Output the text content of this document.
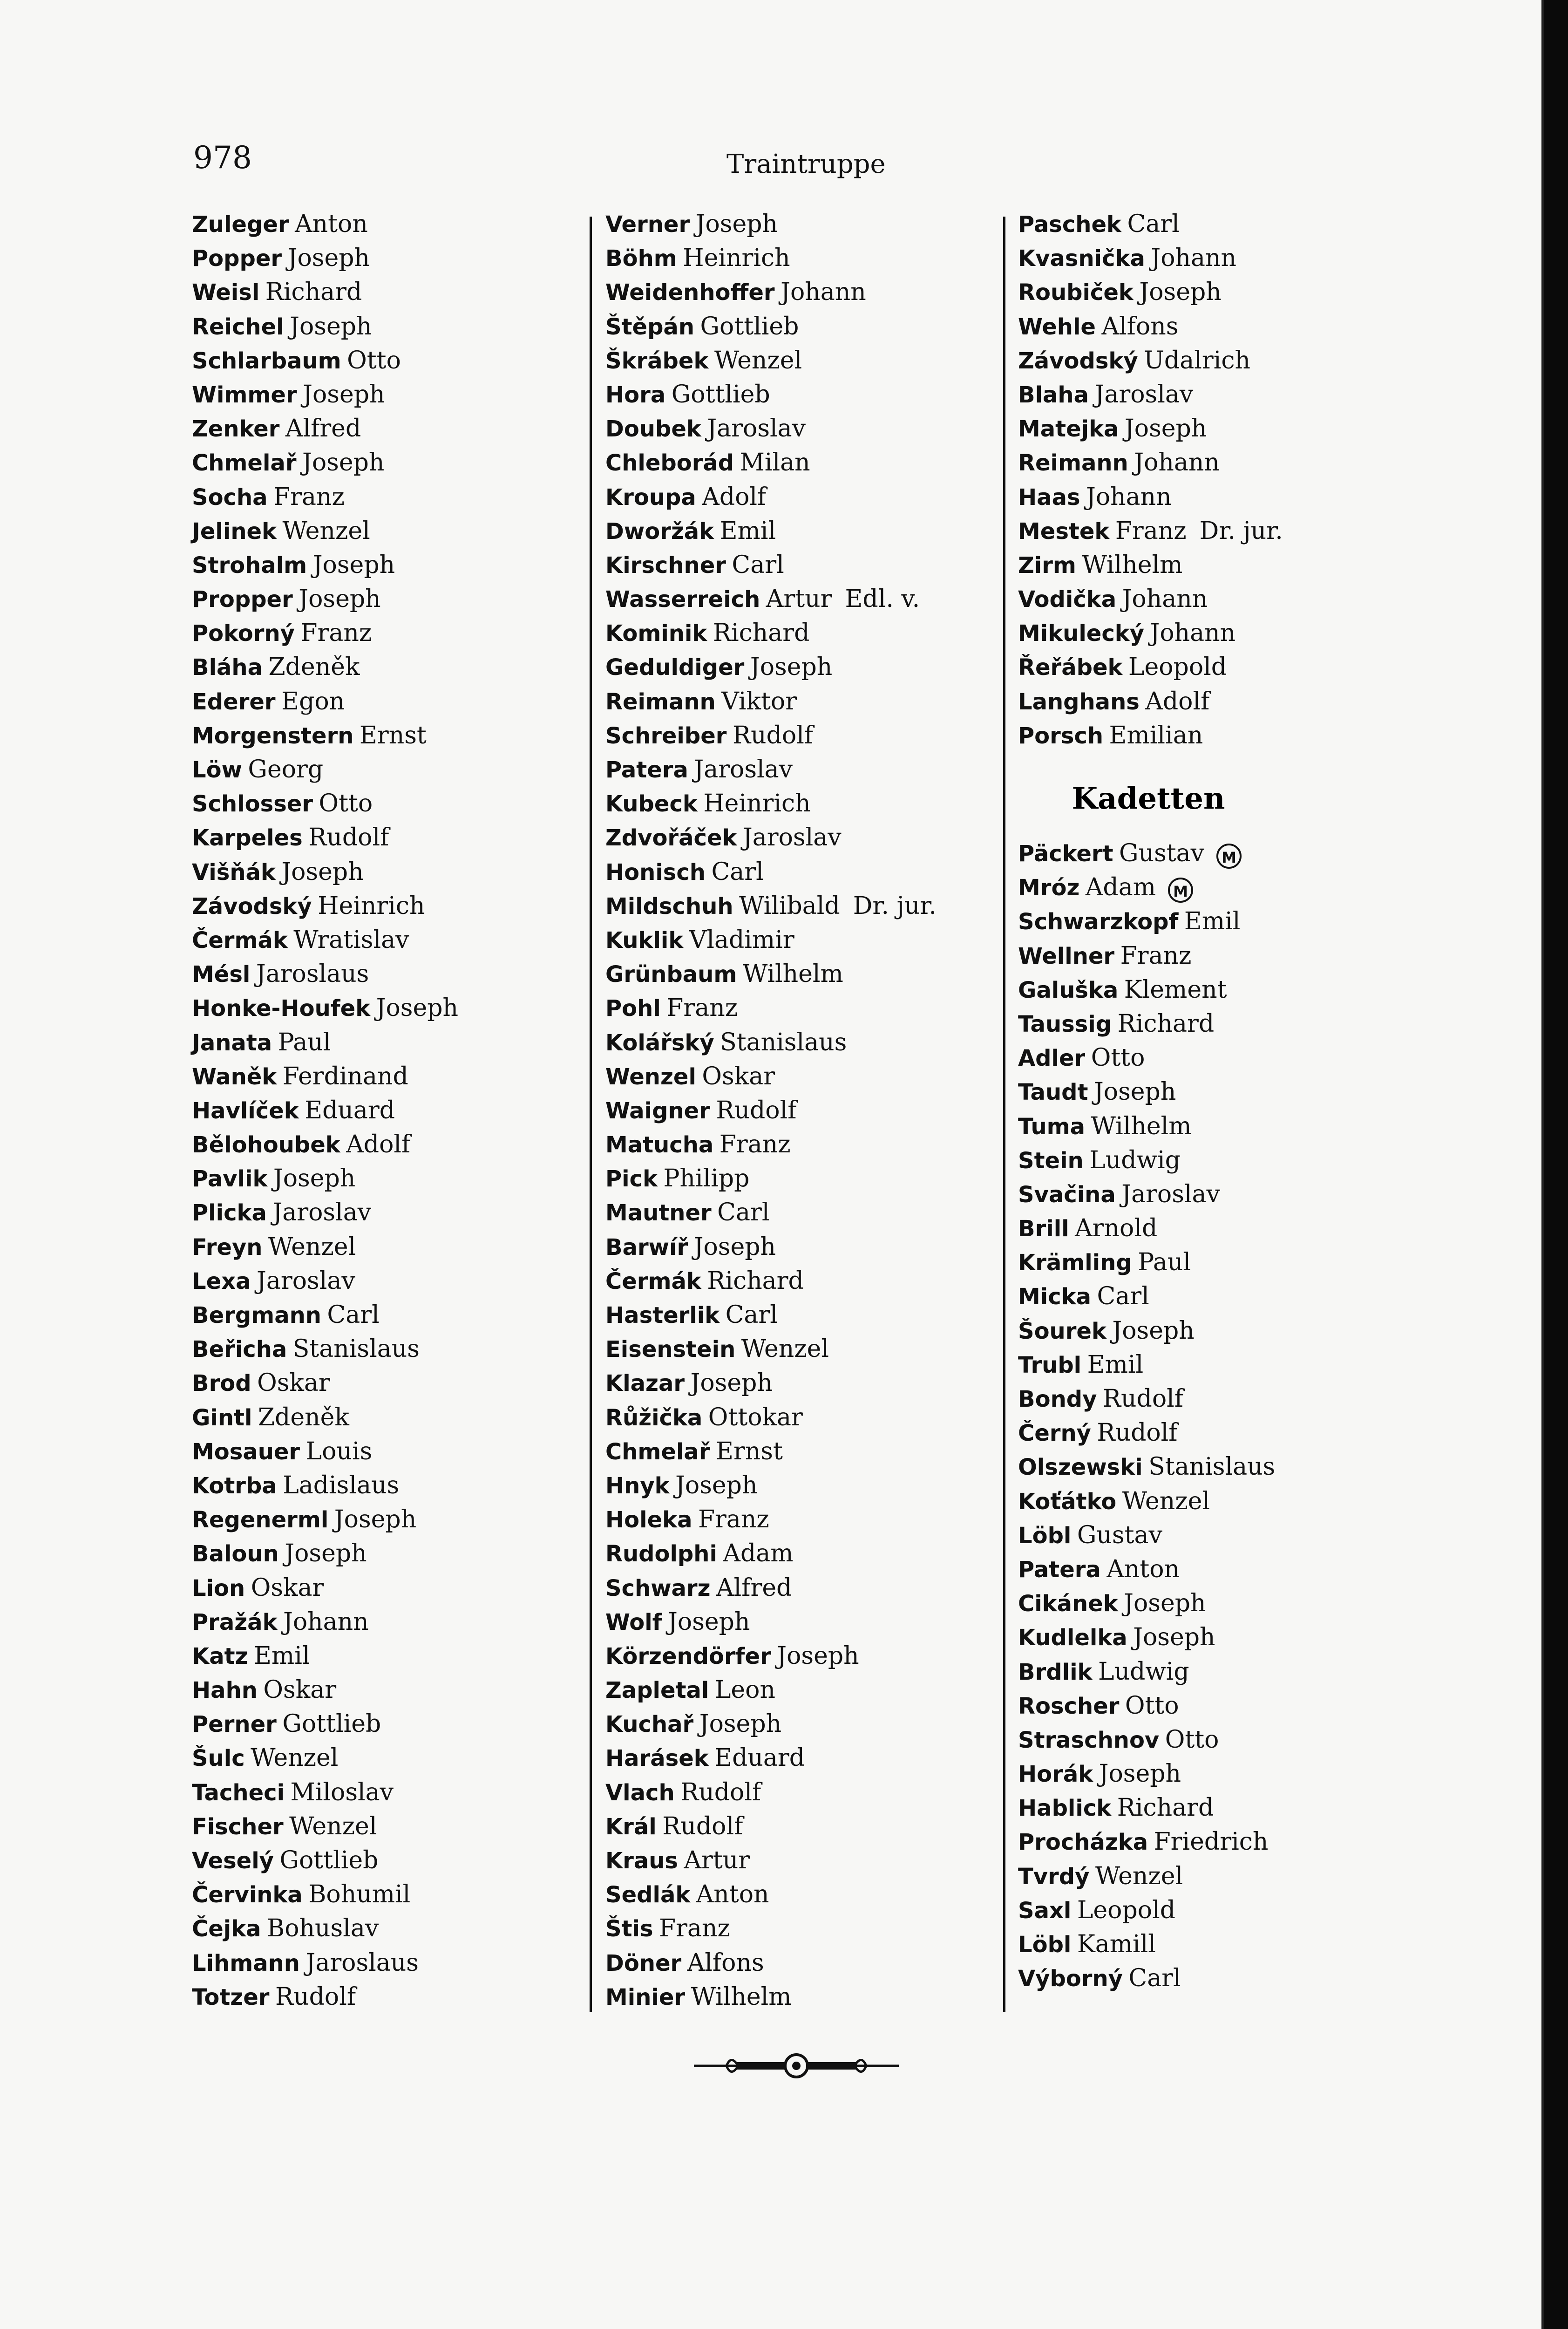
978	Traintruppe
Zuleger Anton
Popper Joseph
Weisl Richard
Reichel Joseph
Schlarbaum Otto
Wimmer Joseph
Zenker Alfred
Chmelař Joseph
Socha Franz
Jelinek Wenzel
Strohalm Joseph
Propper Joseph
Pokorný Franz
Bláha Zdeněk
Ederer Egon
Morgenstern Ernst
Löw Georg
Schlosser Otto
Karpeles Rudolf
Višňák Joseph
Závodský Heinrich
Čermák Wratislav
Mésl Jaroslaus
Honke-Houfek Joseph
Janata Paul
Waněk Ferdinand
Havlíček Eduard
Bělohoubek Adolf
Pavlik Joseph
Plicka Jaroslav
Freyn Wenzel
Lexa Jaroslav
Bergmann Carl
Beřicha Stanislaus
Brod Oskar
Gintl Zdeněk
Mosauer Louis
Kotrba Ladislaus
Regenerml Joseph
Baloun Joseph
Lion Oskar
Pražák Johann
Katz Emil
Hahn Oskar
Perner Gottlieb
Šulc Wenzel
Tacheci Miloslav
Fischer Wenzel
Veselý Gottlieb
Červinka Bohumil
Čejka Bohuslav
Lihmann Jaroslaus
Totzer Rudolf
Verner Joseph
Böhm Heinrich
Weidenhoffer Johann
Štěpán Gottlieb
Škrábek Wenzel
Hora Gottlieb
Doubek Jaroslav
Chleborád Milan
Kroupa Adolf
Dworžák Emil
Kirschner Carl
Wasserreich Artur Edl. v.
Kominik Richard
Geduldiger Joseph
Reimann Viktor
Schreiber Rudolf
Patera Jaroslav
Kubeck Heinrich
Zdvořáček Jaroslav
Honisch Carl
Mildschuh Wilibald Dr. jur.
Kuklik Vladimir
Grünbaum Wilhelm
Pohl Franz
Kolářský Stanislaus
Wenzel Oskar
Waigner Rudolf
Matucha Franz
Pick Philipp
Mautner Carl
Barwíř Joseph
Čermák Richard
Hasterlik Carl
Eisenstein Wenzel
Klazar Joseph
Růžička Ottokar
Chmelař Ernst
Hnyk Joseph
Holeka Franz
Rudolphi Adam
Schwarz Alfred
Wolf Joseph
Körzendörfer Joseph
Zapletal Leon
Kuchař Joseph
Harásek Eduard
Vlach Rudolf
Král Rudolf
Kraus Artur
Sedlák Anton
Štis Franz
Döner Alfons
Minier Wilhelm
Paschek Carl
Kvasnička Johann
Roubiček Joseph
Wehle Alfons
Závodský Udalrich
Blaha Jaroslav
Matejka Joseph
Reimann Johann
Haas Johann
Mestek Franz Dr. jur.
Zirm Wilhelm
Vodička Johann
Mikulecký Johann
Řeřábek Leopold
Langhans Adolf
Porsch Emilian
Kadetten
Päckert Gustav M
Mróz Adam M
Schwarzkopf Emil
Wellner Franz
Galuška Klement
Taussig Richard
Adler Otto
Taudt Joseph
Tuma Wilhelm
Stein Ludwig
Svačina Jaroslav
Brill Arnold
Krämling Paul
Micka Carl
Šourek Joseph
Trubl Emil
Bondy Rudolf
Černý Rudolf
Olszewski Stanislaus
Koťátko Wenzel
Löbl Gustav
Patera Anton
Cikánek Joseph
Kudlelka Joseph
Brdlik Ludwig
Roscher Otto
Straschnov Otto
Horák Joseph
Hablick Richard
Procházka Friedrich
Tvrdý Wenzel
Saxl Leopold
Löbl Kamill
Výborný Carl
